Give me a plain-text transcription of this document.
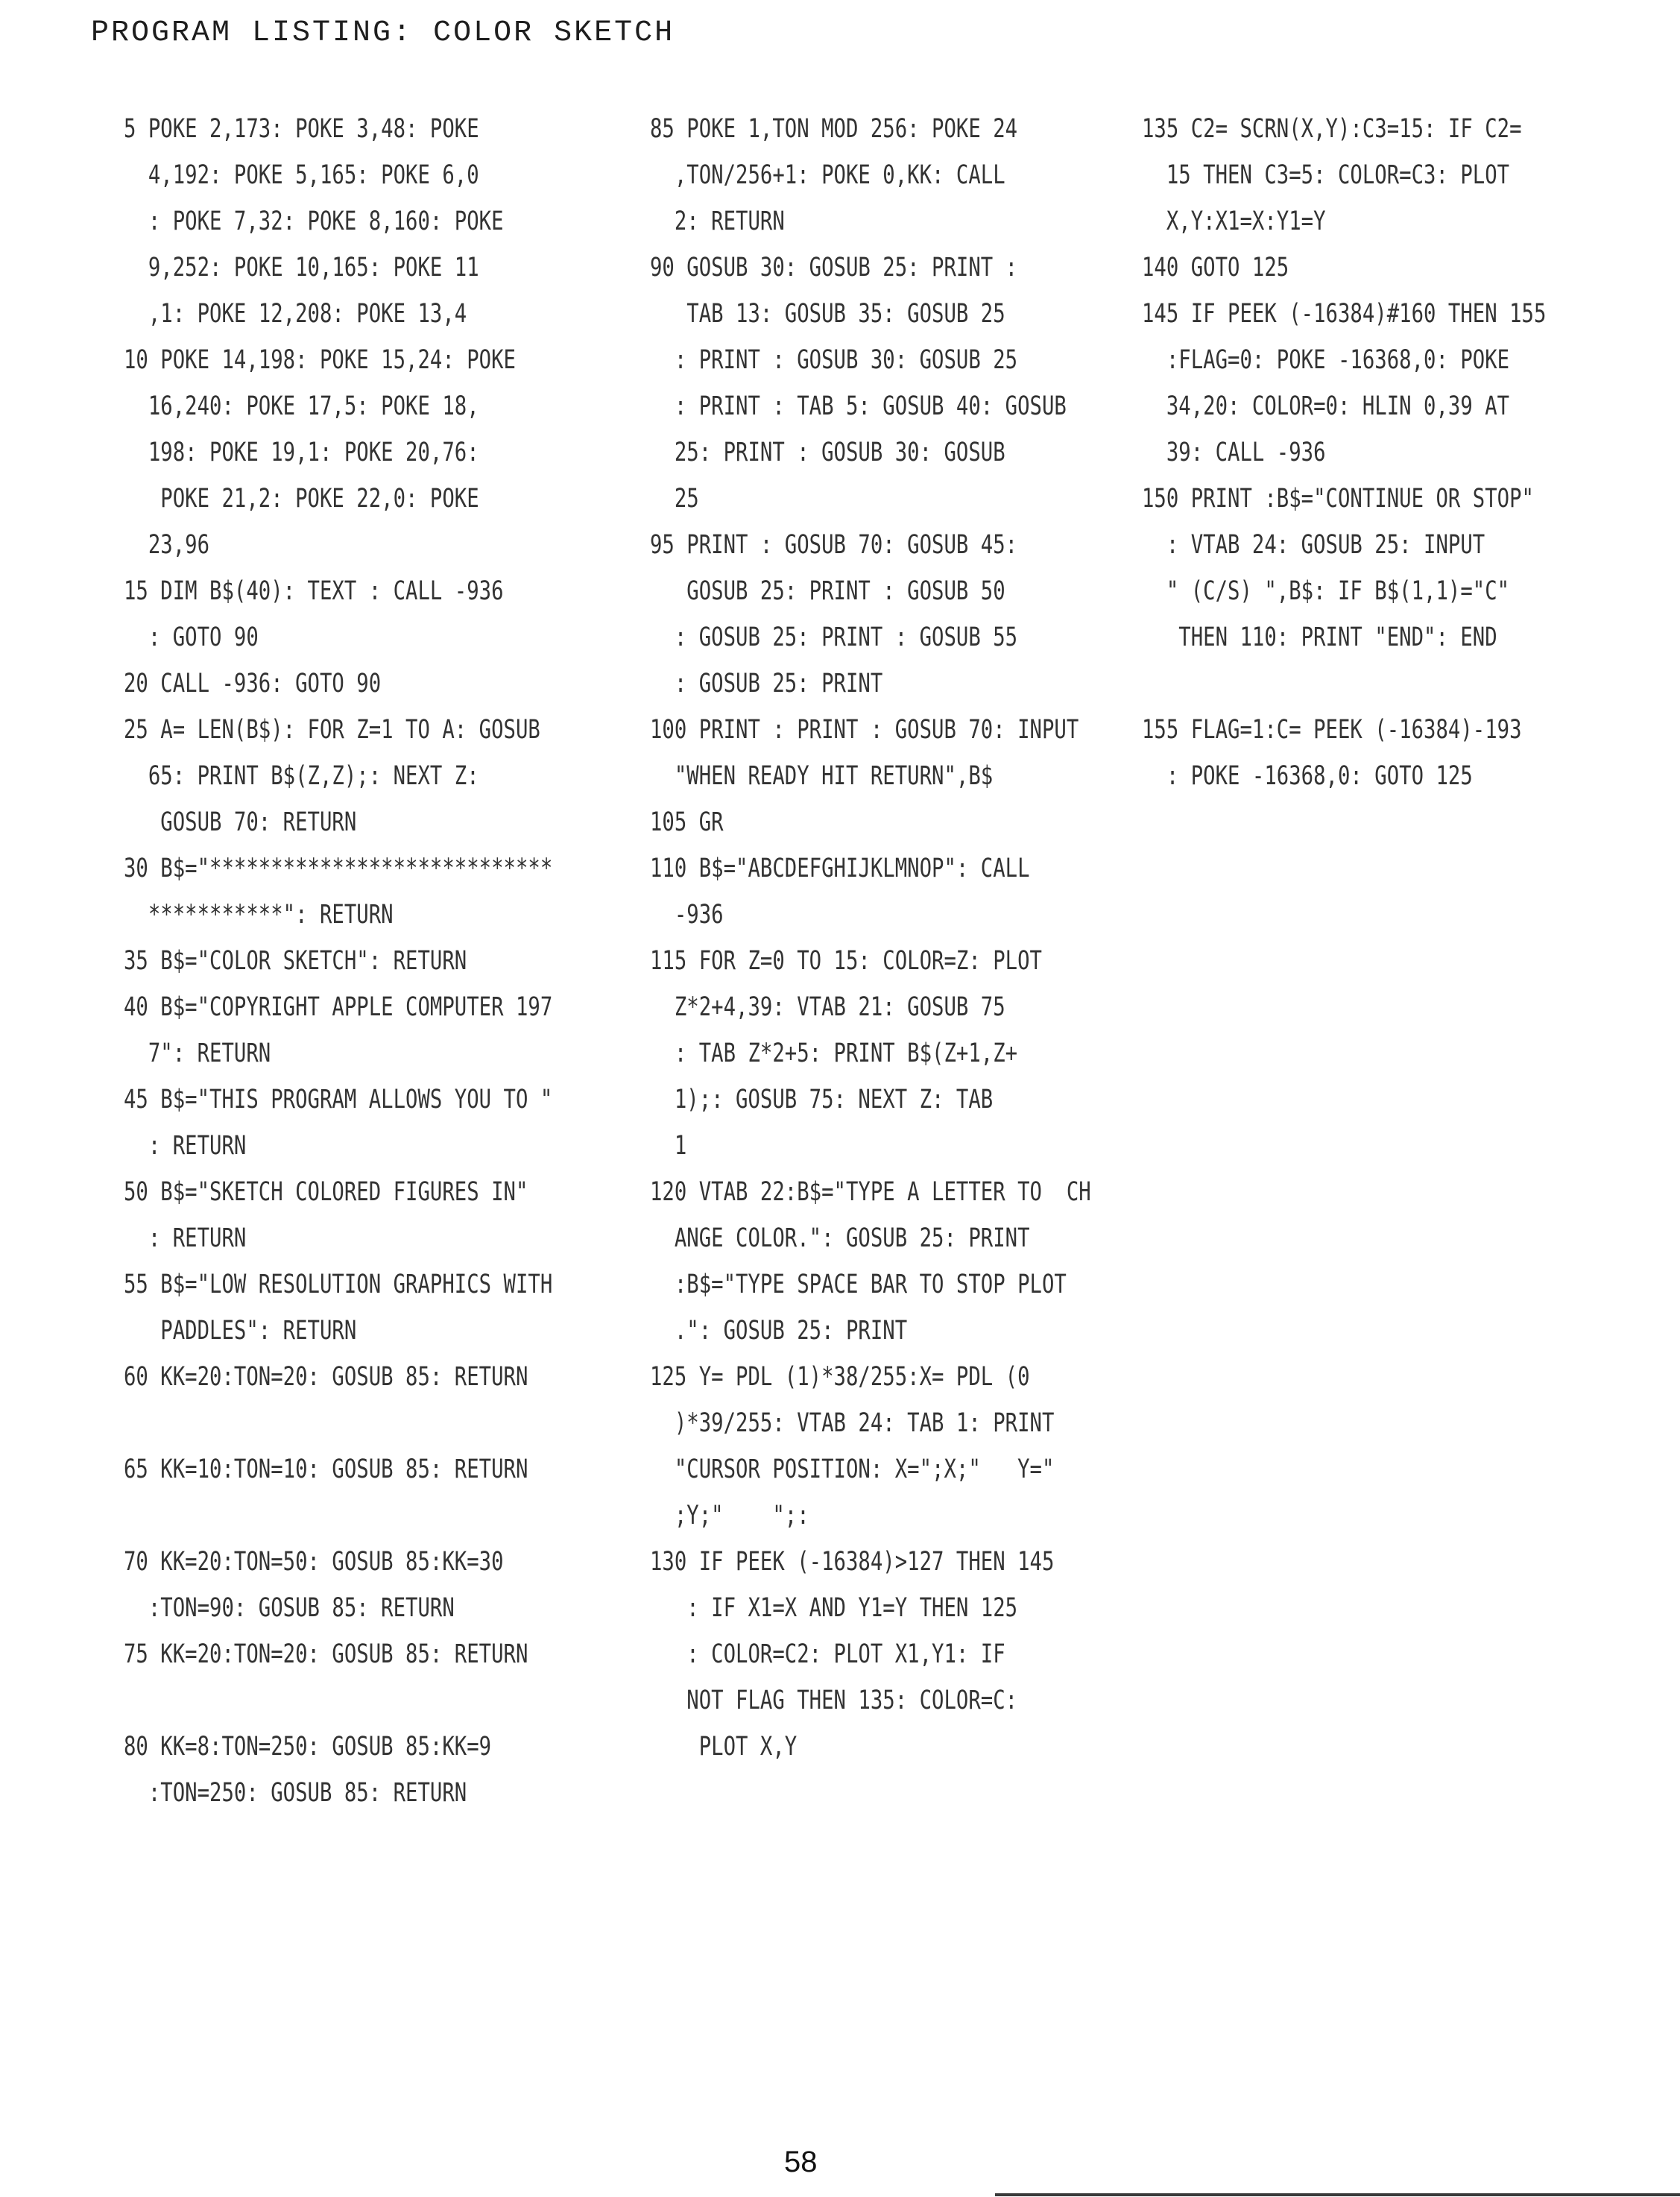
PROGRAM LISTING: COLOR SKETCH
5 POKE 2,173: POKE 3,48: POKE
4,192: POKE 5,165: POKE 6,0
: POKE 7,32: POKE 8,160: POKE
9,252: POKE 10,165: POKE 11
,1: POKE 12,208: POKE 13,4
10 POKE 14,198: POKE 15,24: POKE
16,240: POKE 17,5: POKE 18,
198: POKE 19,1: POKE 20,76:
POKE 21,2: POKE 22,0: POKE
23,96
15 DIM B$(40): TEXT : CALL -936
: GOTO 90
20 CALL -936: GOTO 90
25 A= LEN(B$): FOR Z=1 TO A: GOSUB
65: PRINT B$(Z,Z);: NEXT Z:
GOSUB 70: RETURN
30 B$="****************************
***********": RETURN
35 B$="COLOR SKETCH": RETURN
40 B$="COPYRIGHT APPLE COMPUTER 197
7": RETURN
45 B$="THIS PROGRAM ALLOWS YOU TO "
: RETURN
50 B$="SKETCH COLORED FIGURES IN"
: RETURN
55 B$="LOW RESOLUTION GRAPHICS WITH
PADDLES": RETURN
60 KK=20:TON=20: GOSUB 85: RETURN
65 KK=10:TON=10: GOSUB 85: RETURN
70 KK=20:TON=50: GOSUB 85:KK=30
:TON=90: GOSUB 85: RETURN
75 KK=20:TON=20: GOSUB 85: RETURN
80 KK=8:TON=250: GOSUB 85:KK=9
:TON=250: GOSUB 85: RETURN
85 POKE 1,TON MOD 256: POKE 24
,TON/256+1: POKE 0,KK: CALL
2: RETURN
90 GOSUB 30: GOSUB 25: PRINT :
TAB 13: GOSUB 35: GOSUB 25
: PRINT : GOSUB 30: GOSUB 25
: PRINT : TAB 5: GOSUB 40: GOSUB
25: PRINT : GOSUB 30: GOSUB
25
95 PRINT : GOSUB 70: GOSUB 45:
GOSUB 25: PRINT : GOSUB 50
: GOSUB 25: PRINT : GOSUB 55
: GOSUB 25: PRINT
100 PRINT : PRINT : GOSUB 70: INPUT
"WHEN READY HIT RETURN",B$
105 GR
110 B$="ABCDEFGHIJKLMNOP": CALL
-936
115 FOR Z=0 TO 15: COLOR=Z: PLOT
Z*2+4,39: VTAB 21: GOSUB 75
: TAB Z*2+5: PRINT B$(Z+1,Z+
1);: GOSUB 75: NEXT Z: TAB
1
120 VTAB 22:B$="TYPE A LETTER TO  CH
ANGE COLOR.": GOSUB 25: PRINT
:B$="TYPE SPACE BAR TO STOP PLOT
.": GOSUB 25: PRINT
125 Y= PDL (1)*38/255:X= PDL (0
)*39/255: VTAB 24: TAB 1: PRINT
"CURSOR POSITION: X=";X;"   Y="
;Y;"    ";:
130 IF PEEK (-16384)>127 THEN 145
: IF X1=X AND Y1=Y THEN 125
: COLOR=C2: PLOT X1,Y1: IF
NOT FLAG THEN 135: COLOR=C:
PLOT X,Y
135 C2= SCRN(X,Y):C3=15: IF C2=
15 THEN C3=5: COLOR=C3: PLOT
X,Y:X1=X:Y1=Y
140 GOTO 125
145 IF PEEK (-16384)#160 THEN 155
:FLAG=0: POKE -16368,0: POKE
34,20: COLOR=0: HLIN 0,39 AT
39: CALL -936
150 PRINT :B$="CONTINUE OR STOP"
: VTAB 24: GOSUB 25: INPUT
" (C/S) ",B$: IF B$(1,1)="C"
THEN 110: PRINT "END": END
155 FLAG=1:C= PEEK (-16384)-193
: POKE -16368,0: GOTO 125
58
